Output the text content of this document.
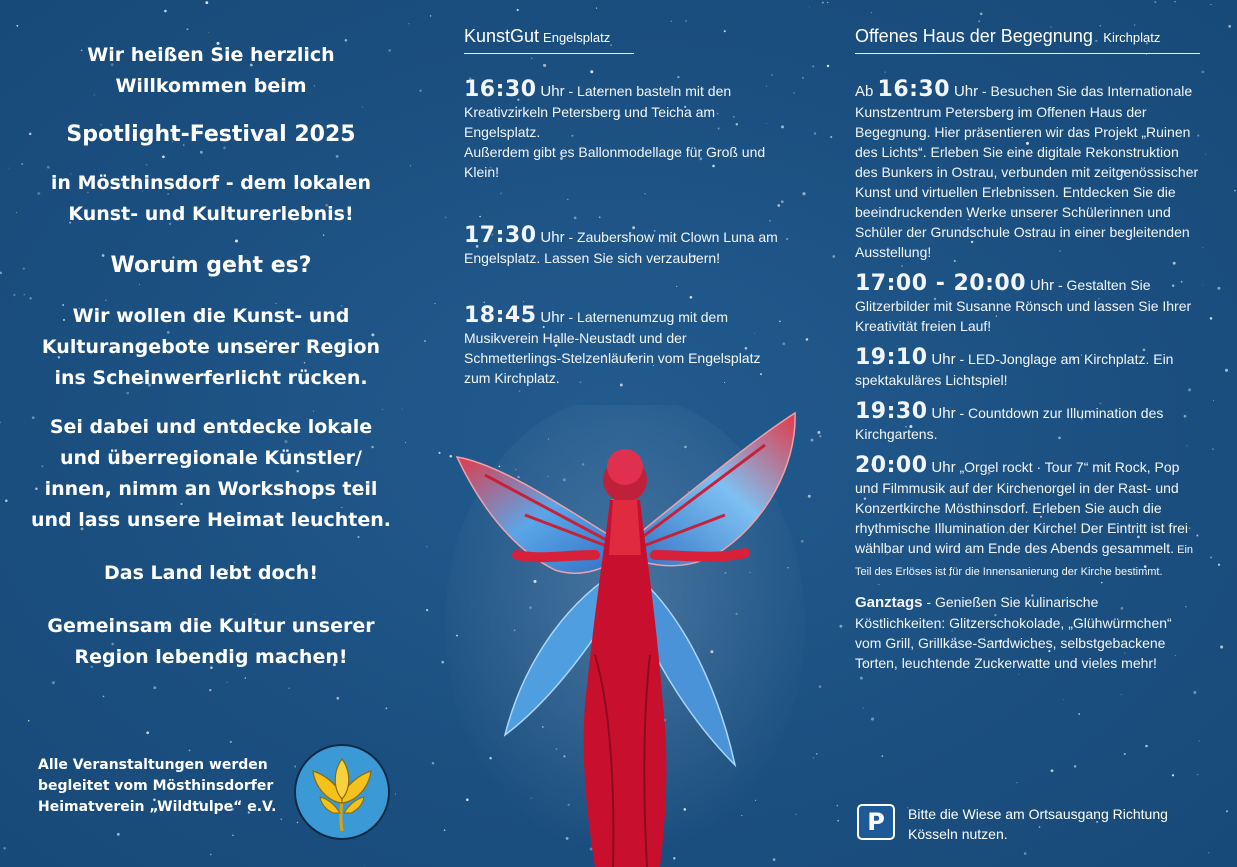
Wir heißen Sie herzlich

Willkommen beim

Spotlight-Festival 2025

in Mösthinsdorf - dem lokalen

Kunst- und Kulturerlebnis!

Worum geht es?

Wir wollen die Kunst- und

Kulturangebote unserer Region

ins Scheinwerferlicht rücken.

Sei dabei und entdecke lokale

und überregionale Künstler/

innen, nimm an Workshops teil

und lass unsere Heimat leuchten.

Das Land lebt doch!

Gemeinsam die Kultur unserer

Region lebendig machen!

Alle Veranstaltungen werden
begleitet vom Mösthinsdorfer
Heimatverein „Wildtulpe“ e.V.
KunstGut Engelsplatz
16:30 Uhr - Laternen basteln mit den Kreativzirkeln Petersberg und Teicha am Engelsplatz.
Außerdem gibt es Ballonmodellage für Groß und Klein!
17:30 Uhr - Zaubershow mit Clown Luna am Engelsplatz. Lassen Sie sich verzaubern!
18:45 Uhr - Laternenumzug mit dem Musikverein Halle-Neustadt und der Schmetterlings-Stelzenläuferin vom Engelsplatz zum Kirchplatz.
Offenes Haus der Begegnung Kirchplatz
Ab 16:30 Uhr - Besuchen Sie das Internationale Kunstzentrum Petersberg im Offenen Haus der Begegnung. Hier präsentieren wir das Projekt „Ruinen des Lichts“. Erleben Sie eine digitale Rekonstruktion des Bunkers in Ostrau, verbunden mit zeitgenössischer Kunst und virtuellen Erlebnissen. Entdecken Sie die beeindruckenden Werke unserer Schülerinnen und Schüler der Grundschule Ostrau in einer begleitenden Ausstellung!
17:00 - 20:00 Uhr - Gestalten Sie Glitzerbilder mit Susanne Rönsch und lassen Sie Ihrer Kreativität freien Lauf!
19:10 Uhr - LED-Jonglage am Kirchplatz. Ein spektakuläres Lichtspiel!
19:30 Uhr - Countdown zur Illumination des Kirchgartens.
20:00 Uhr „Orgel rockt · Tour 7“ mit Rock, Pop und Filmmusik auf der Kirchenorgel in der Rast- und Konzertkirche Mösthinsdorf. Erleben Sie auch die rhythmische Illumination der Kirche! Der Eintritt ist frei wählbar und wird am Ende des Abends gesammelt. Ein Teil des Erlöses ist für die Innensanierung der Kirche bestimmt.
Ganztags - Genießen Sie kulinarische Köstlichkeiten: Glitzerschokolade, „Glühwürmchen“ vom Grill, Grillkäse-Sandwiches, selbstgebackene Torten, leuchtende Zuckerwatte und vieles mehr!
P	Bitte die Wiese am Ortsausgang Richtung Kösseln nutzen.
